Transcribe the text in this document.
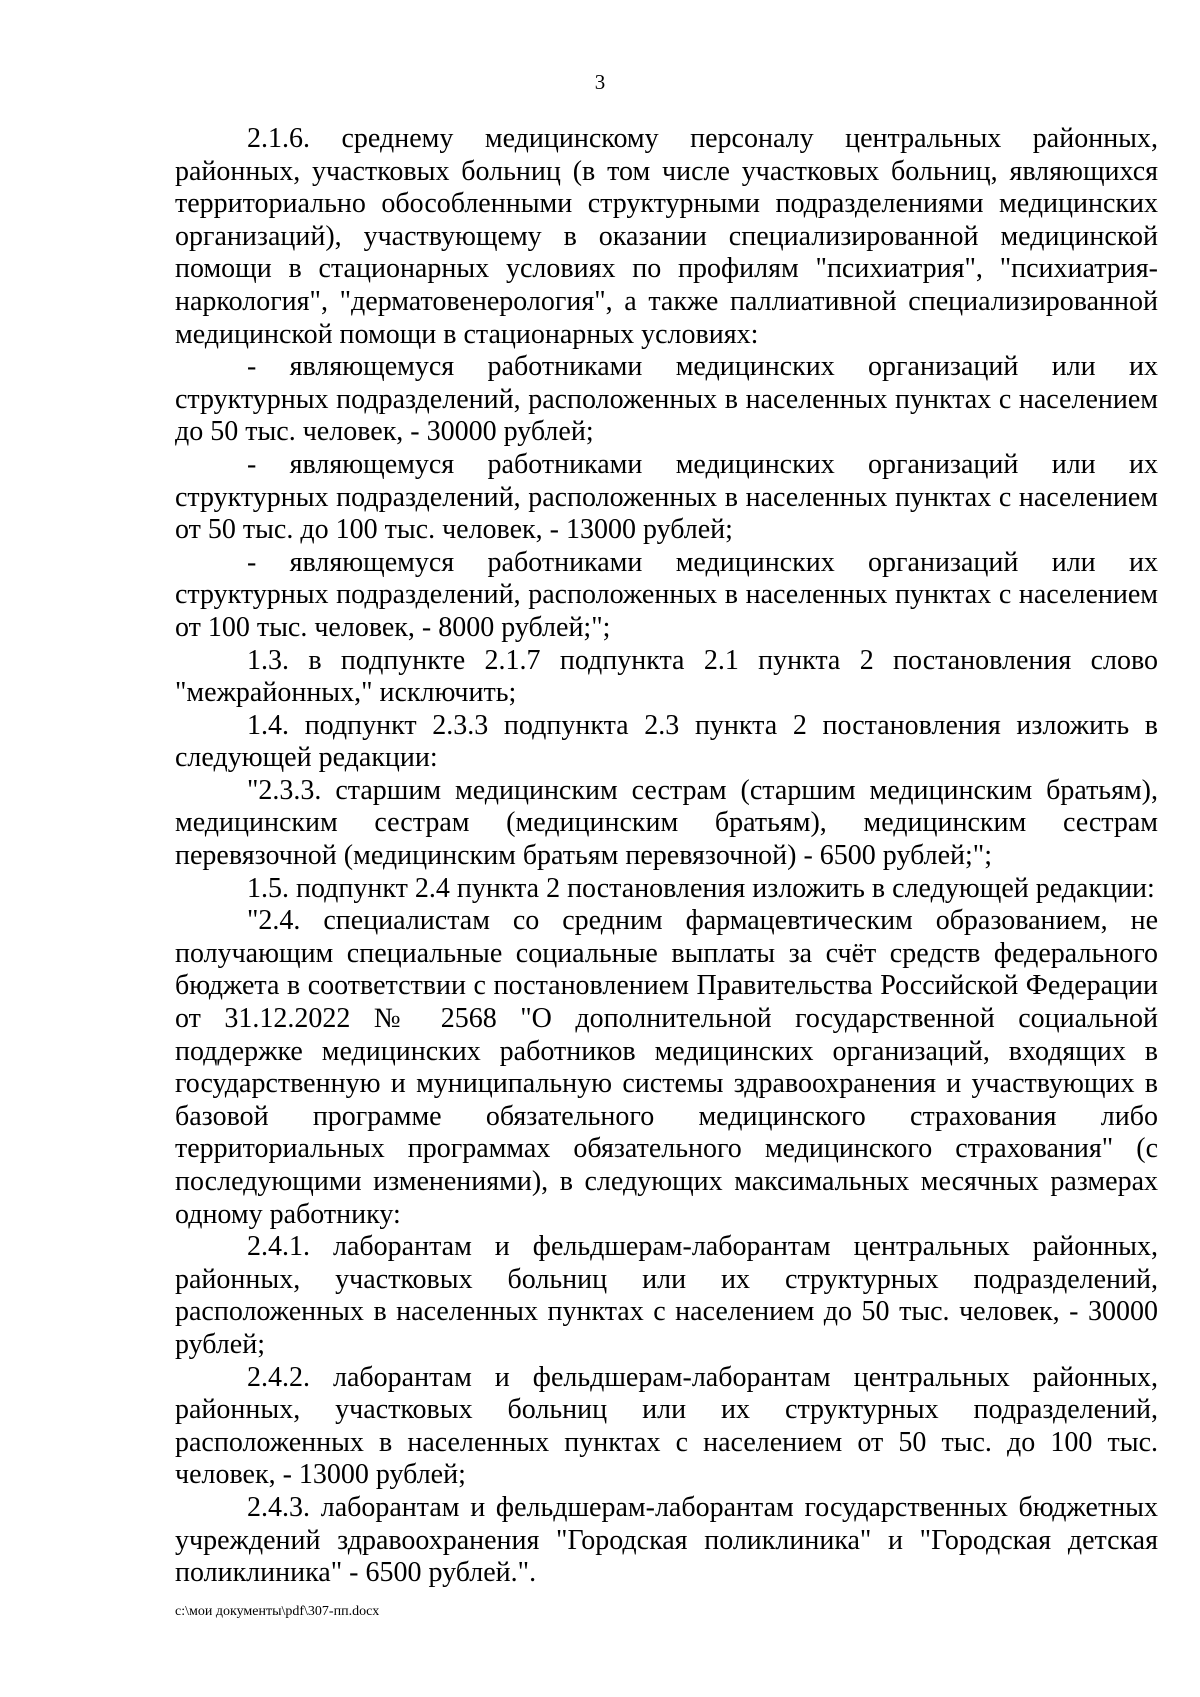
3

2.1.6. среднему медицинскому персоналу центральных районных, районных, участковых больниц (в том числе участковых больниц, являющихся территориально обособленными структурными подразделениями медицинских организаций), участвующему в оказании специализированной медицинской помощи в стационарных условиях по профилям "психиатрия", "психиатрия-наркология", "дерматовенерология", а также паллиативной специализированной медицинской помощи в стационарных условиях:

- являющемуся работниками медицинских организаций или их структурных подразделений, расположенных в населенных пунктах с населением до 50 тыс. человек, - 30000 рублей;

- являющемуся работниками медицинских организаций или их структурных подразделений, расположенных в населенных пунктах с населением от 50 тыс. до 100 тыс. человек, - 13000 рублей;

- являющемуся работниками медицинских организаций или их структурных подразделений, расположенных в населенных пунктах с населением от 100 тыс. человек, - 8000 рублей;";

1.3. в подпункте 2.1.7 подпункта 2.1 пункта 2 постановления слово "межрайонных," исключить;

1.4. подпункт 2.3.3 подпункта 2.3 пункта 2 постановления изложить в следующей редакции:

"2.3.3. старшим медицинским сестрам (старшим медицинским братьям), медицинским сестрам (медицинским братьям), медицинским сестрам перевязочной (медицинским братьям перевязочной) - 6500 рублей;";

1.5. подпункт 2.4 пункта 2 постановления изложить в следующей редакции:

"2.4. специалистам со средним фармацевтическим образованием, не получающим специальные социальные выплаты за счёт средств федерального бюджета в соответствии с постановлением Правительства Российской Федерации от 31.12.2022 № 2568 "О дополнительной государственной социальной поддержке медицинских работников медицинских организаций, входящих в государственную и муниципальную системы здравоохранения и участвующих в базовой программе обязательного медицинского страхования либо территориальных программах обязательного медицинского страхования" (с последующими изменениями), в следующих максимальных месячных размерах одному работнику:

2.4.1. лаборантам и фельдшерам-лаборантам центральных районных, районных, участковых больниц или их структурных подразделений, расположенных в населенных пунктах с населением до 50 тыс. человек, - 30000 рублей;

2.4.2. лаборантам и фельдшерам-лаборантам центральных районных, районных, участковых больниц или их структурных подразделений, расположенных в населенных пунктах с населением от 50 тыс. до 100 тыс. человек, - 13000 рублей;

2.4.3. лаборантам и фельдшерам-лаборантам государственных бюджетных учреждений здравоохранения "Городская поликлиника" и "Городская детская поликлиника" - 6500 рублей.".

c:\мои документы\pdf\307-пп.docx
